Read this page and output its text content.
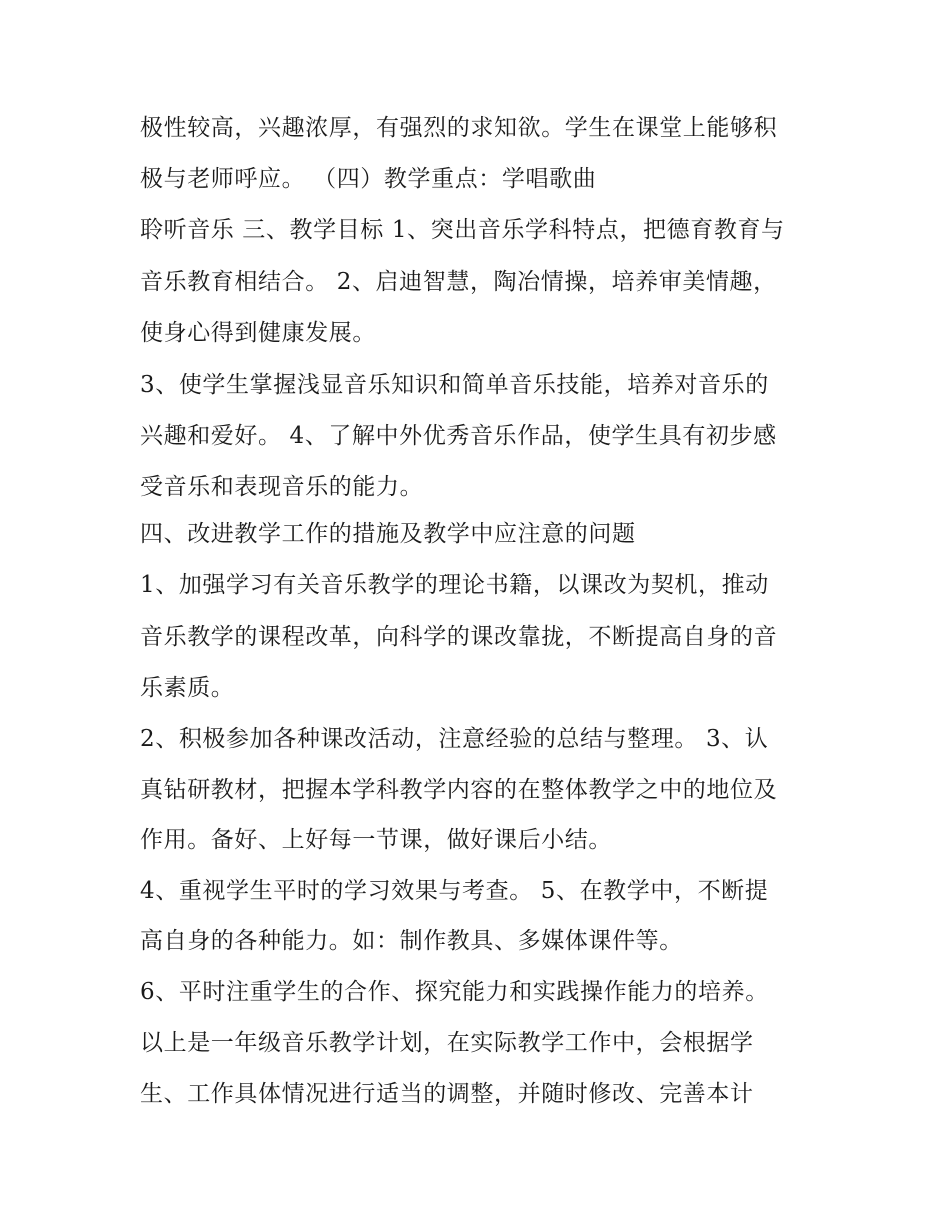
极性较高，兴趣浓厚，有强烈的求知欲。学生在课堂上能够积
极与老师呼应。 （四）教学重点：学唱歌曲
聆听音乐 三、教学目标 1、突出音乐学科特点，把德育教育与
音乐教育相结合。 2、启迪智慧，陶冶情操，培养审美情趣，
使身心得到健康发展。
3、使学生掌握浅显音乐知识和简单音乐技能，培养对音乐的
兴趣和爱好。 4、了解中外优秀音乐作品，使学生具有初步感
受音乐和表现音乐的能力。
四、改进教学工作的措施及教学中应注意的问题
1、加强学习有关音乐教学的理论书籍，以课改为契机，推动
音乐教学的课程改革，向科学的课改靠拢，不断提高自身的音
乐素质。
2、积极参加各种课改活动，注意经验的总结与整理。 3、认
真钻研教材，把握本学科教学内容的在整体教学之中的地位及
作用。备好、上好每一节课，做好课后小结。
4、重视学生平时的学习效果与考查。 5、在教学中，不断提
高自身的各种能力。如：制作教具、多媒体课件等。
6、平时注重学生的合作、探究能力和实践操作能力的培养。
以上是一年级音乐教学计划，在实际教学工作中，会根据学
生、工作具体情况进行适当的调整，并随时修改、完善本计
